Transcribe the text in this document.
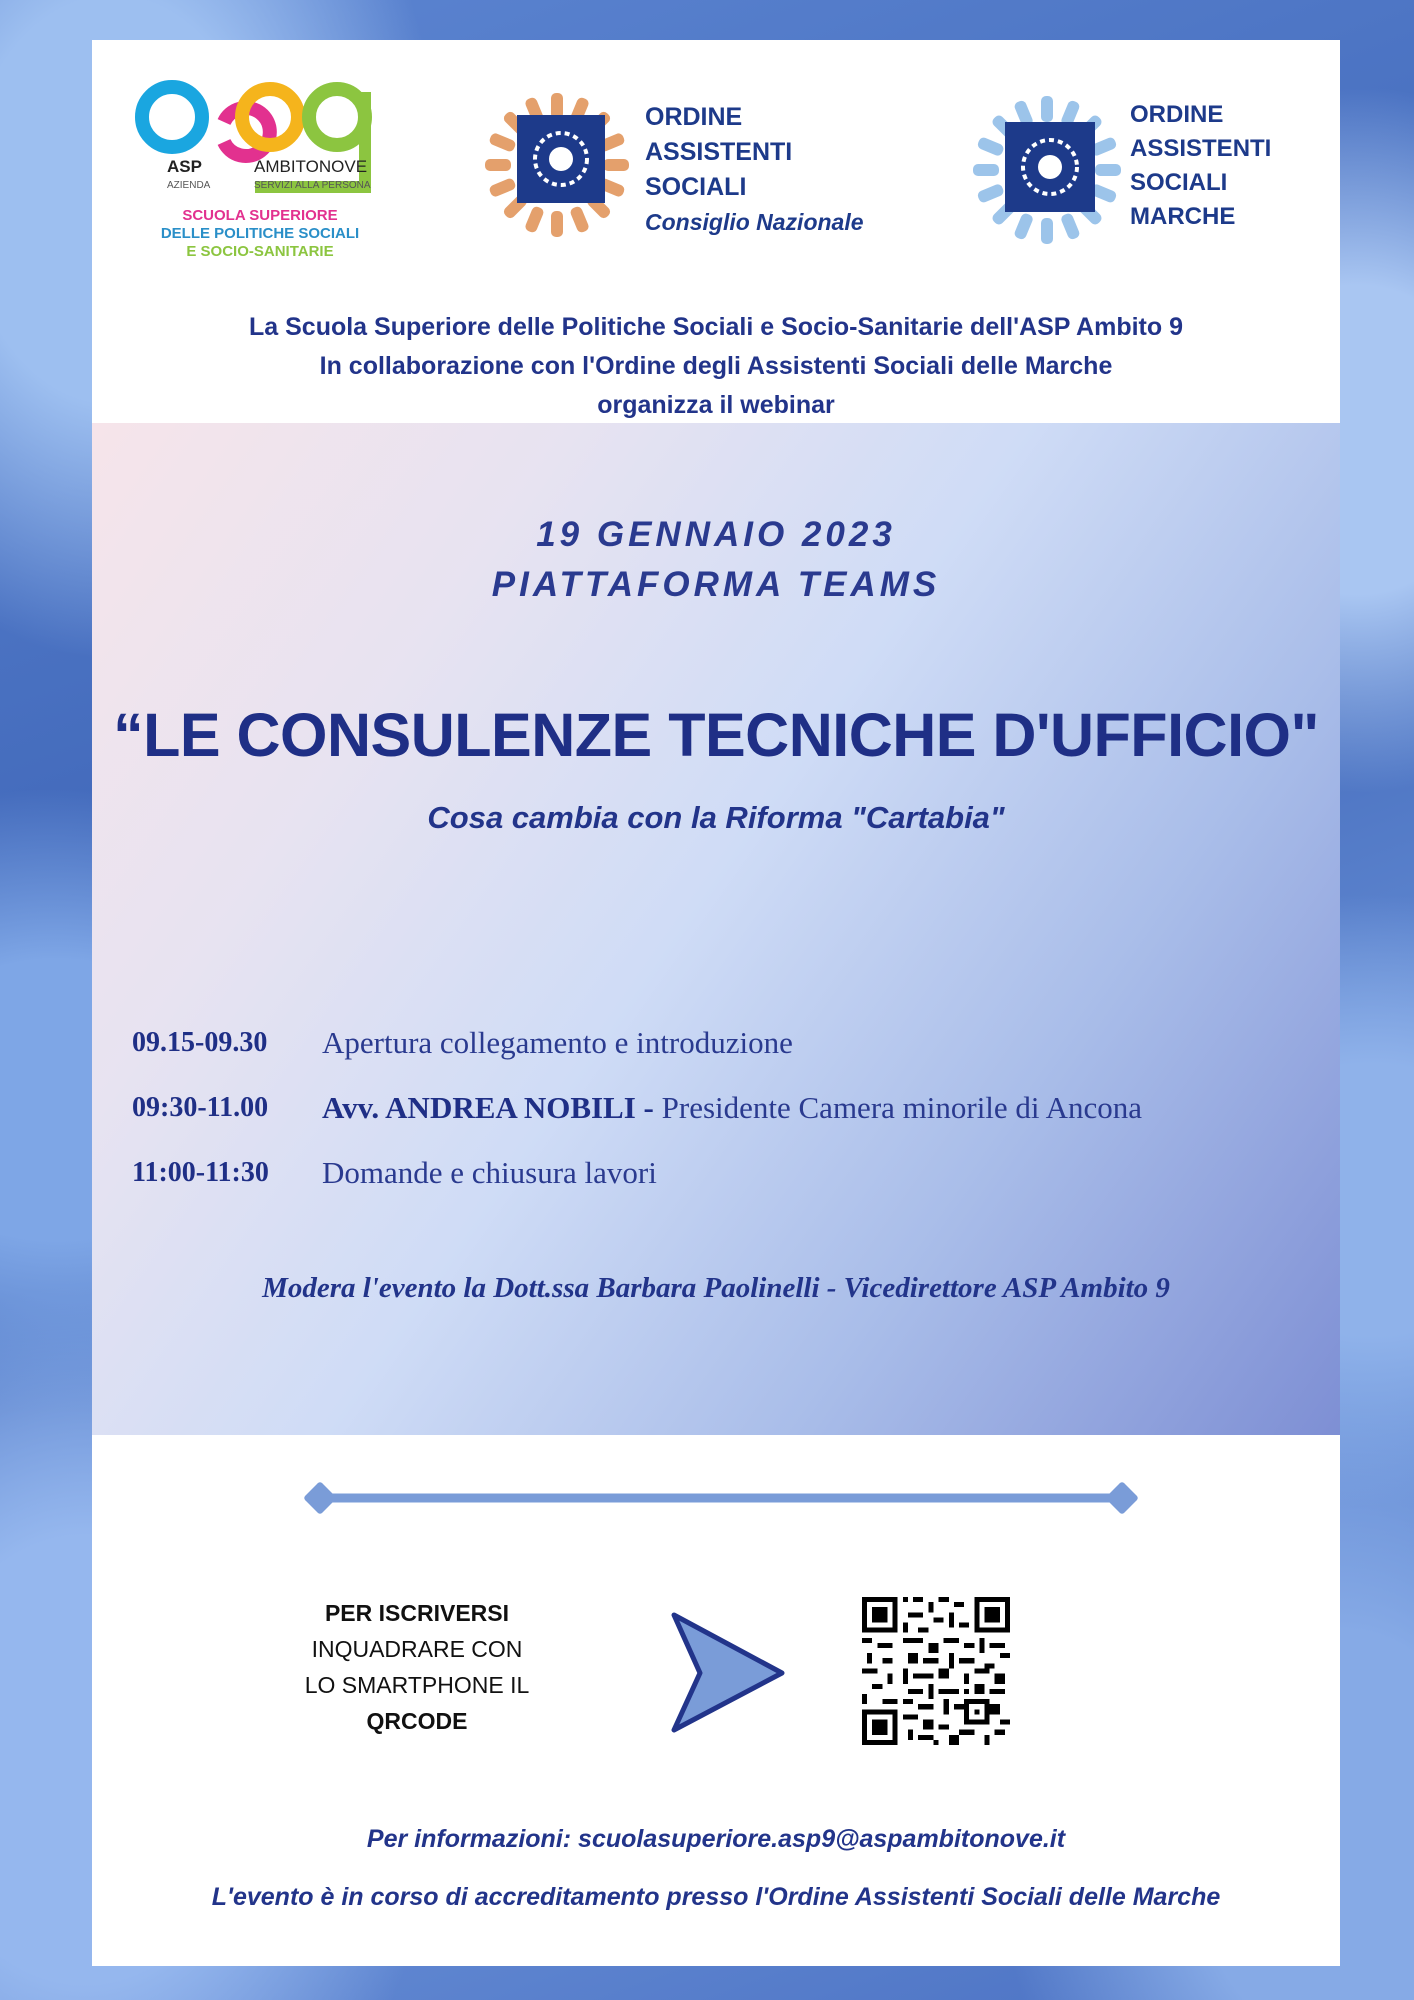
ASP
AZIENDA
AMBITONOVE
SERVIZI ALLA PERSONA
SCUOLA SUPERIORE
DELLE POLITICHE SOCIALI
E SOCIO-SANITARIE
ORDINE
ASSISTENTI
SOCIALI
Consiglio Nazionale
ORDINE
ASSISTENTI
SOCIALI
MARCHE
La Scuola Superiore delle Politiche Sociali e Socio-Sanitarie dell'ASP Ambito 9
In collaborazione con l'Ordine degli Assistenti Sociali delle Marche
organizza il webinar
19 GENNAIO 2023
PIATTAFORMA TEAMS
“LE CONSULENZE TECNICHE D'UFFICIO"
Cosa cambia con la Riforma "Cartabia"
09.15-09.30	Apertura collegamento e introduzione
09:30-11.00	Avv. ANDREA NOBILI - Presidente Camera minorile di Ancona
11:00-11:30	Domande e chiusura lavori
Modera l'evento la Dott.ssa Barbara Paolinelli - Vicedirettore ASP Ambito 9
PER ISCRIVERSI
INQUADRARE CON
LO SMARTPHONE IL
QRCODE
Per informazioni: scuolasuperiore.asp9@aspambitonove.it
L'evento è in corso di accreditamento presso l'Ordine Assistenti Sociali delle Marche
